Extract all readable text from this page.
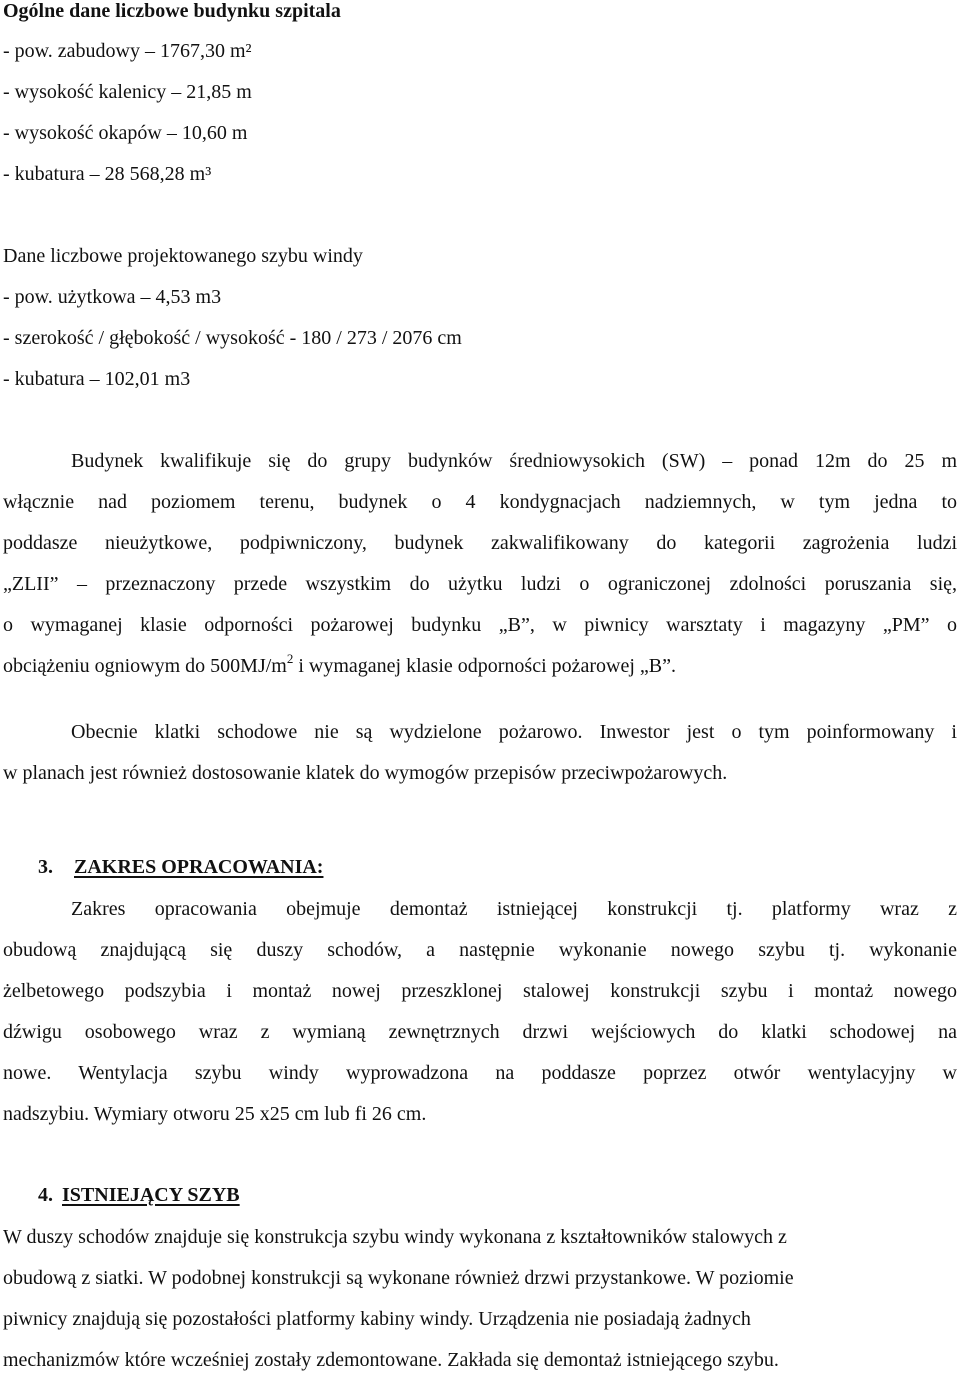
Ogólne dane liczbowe budynku szpitala
- pow. zabudowy – 1767,30 m²
- wysokość kalenicy – 21,85 m
- wysokość okapów – 10,60 m
- kubatura – 28 568,28 m³
Dane liczbowe projektowanego szybu windy
- pow. użytkowa – 4,53 m3
- szerokość / głębokość / wysokość - 180 / 273 / 2076 cm
- kubatura – 102,01 m3
Budynek kwalifikuje się do grupy budynków średniowysokich (SW) – ponad 12m do 25 m
włącznie nad poziomem terenu, budynek o 4 kondygnacjach nadziemnych, w tym jedna to
poddasze nieużytkowe, podpiwniczony, budynek zakwalifikowany do kategorii zagrożenia ludzi
„ZLII” – przeznaczony przede wszystkim do użytku ludzi o ograniczonej zdolności poruszania się,
o wymaganej klasie odporności pożarowej budynku „B”, w piwnicy warsztaty i magazyny „PM” o
obciążeniu ogniowym do $500MJ/m^2$ i wymaganej klasie odporności pożarowej „B”.
Obecnie klatki schodowe nie są wydzielone pożarowo. Inwestor jest o tym poinformowany i
w planach jest również dostosowanie klatek do wymogów przepisów przeciwpożarowych.
3. ZAKRES OPRACOWANIA:
Zakres opracowania obejmuje demontaż istniejącej konstrukcji tj. platformy wraz z
obudową znajdującą się duszy schodów, a następnie wykonanie nowego szybu tj. wykonanie
żelbetowego podszybia i montaż nowej przeszklonej stalowej konstrukcji szybu i montaż nowego
dźwigu osobowego wraz z wymianą zewnętrznych drzwi wejściowych do klatki schodowej na
nowe. Wentylacja szybu windy wyprowadzona na poddasze poprzez otwór wentylacyjny w
nadszybiu. Wymiary otworu 25 x25 cm lub fi 26 cm.
4. ISTNIEJĄCY SZYB
W duszy schodów znajduje się konstrukcja szybu windy wykonana z kształtowników stalowych z
obudową z siatki. W podobnej konstrukcji są wykonane również drzwi przystankowe. W poziomie
piwnicy znajdują się pozostałości platformy kabiny windy. Urządzenia nie posiadają żadnych
mechanizmów które wcześniej zostały zdemontowane. Zakłada się demontaż istniejącego szybu.
